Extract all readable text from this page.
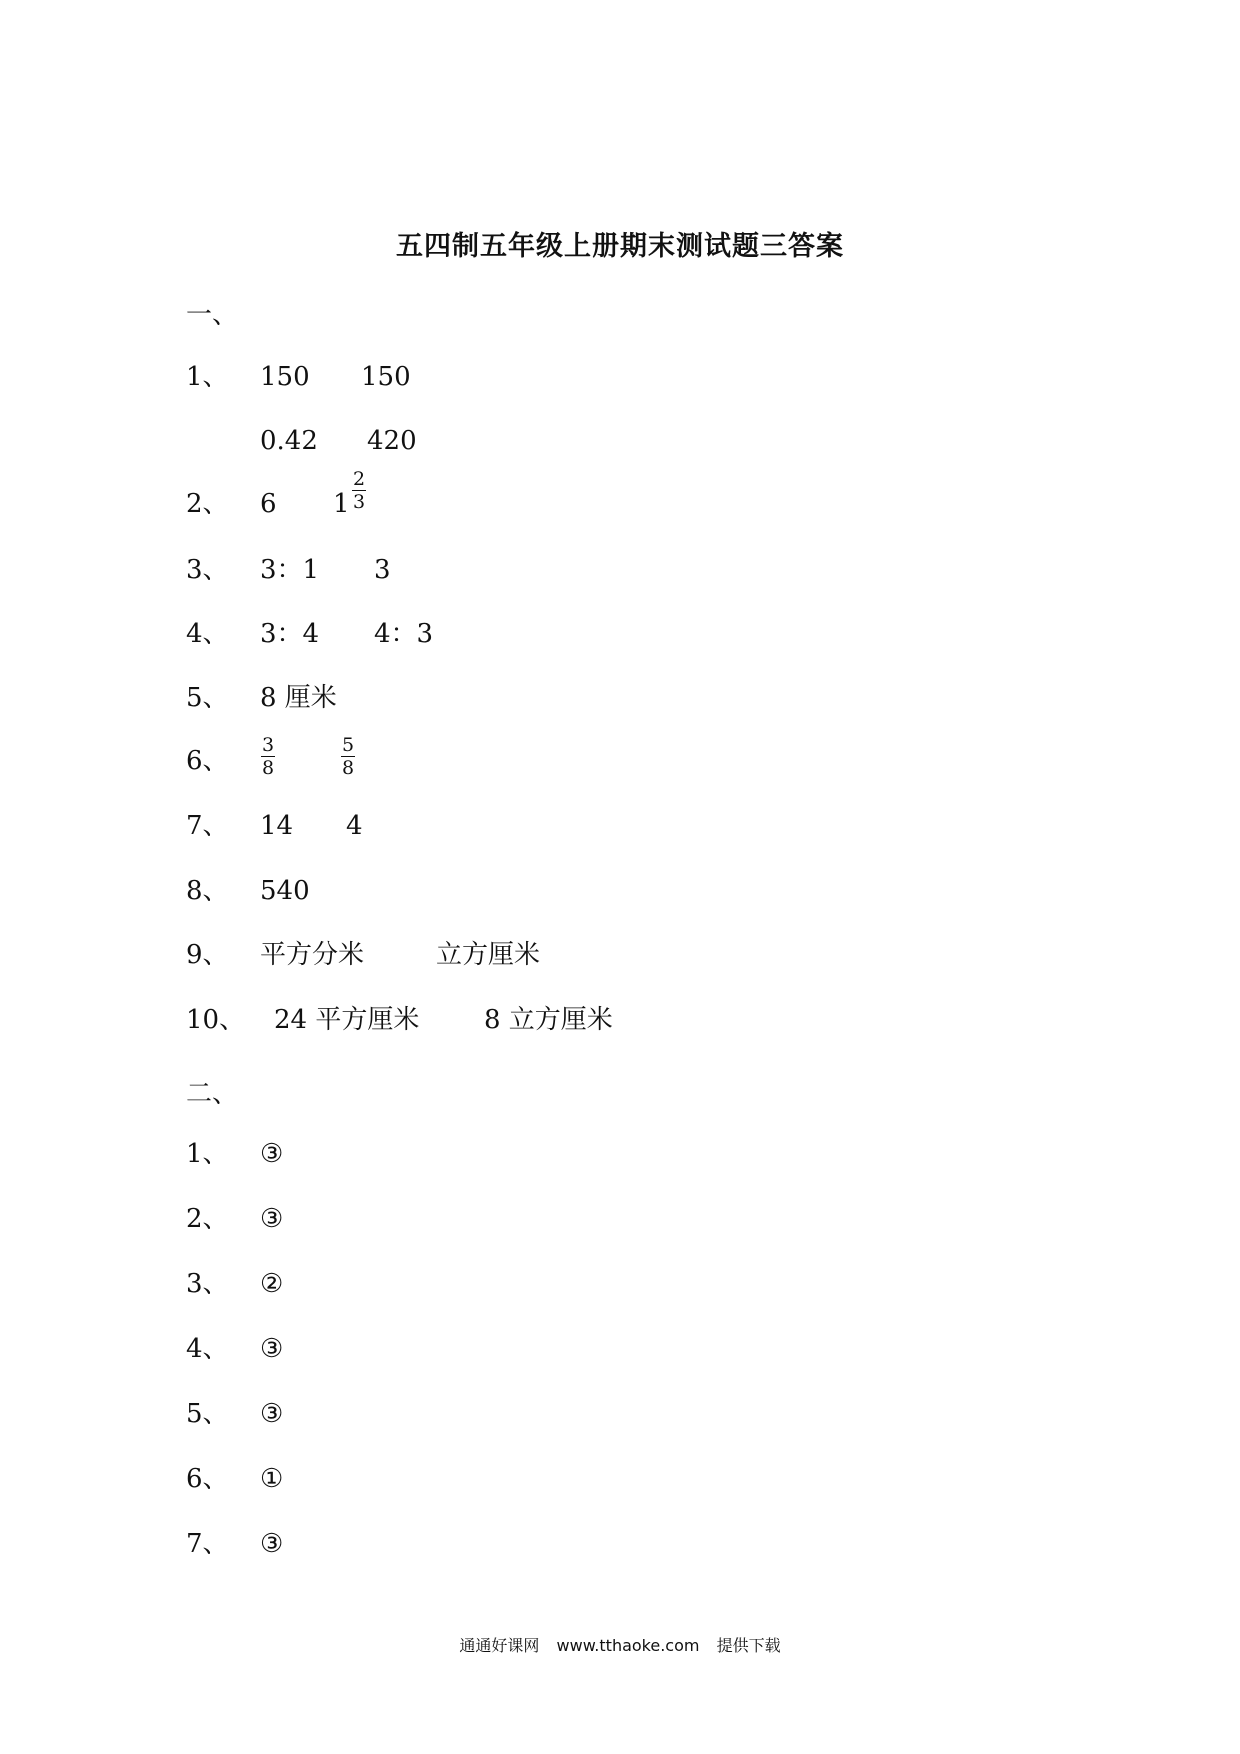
五四制五年级上册期末测试题三答案
一、
1、 150 150
0.42 420
2、 6 $1 \frac{2}{3}$
3、 3：1 3
4、 3：4 4：3
5、 8 厘米
6、 $\frac{3}{8}$	$\frac{5}{8}$
7、 14 4
8、 540
9、 平方分米	立方厘米
10、 24 平方厘米 8 立方厘米
二、
1、 ③
2、 ③
3、 ②
4、 ③
5、 ③
6、 ①
7、 ③
通通好课网 www.tthaoke.com 提供下载
